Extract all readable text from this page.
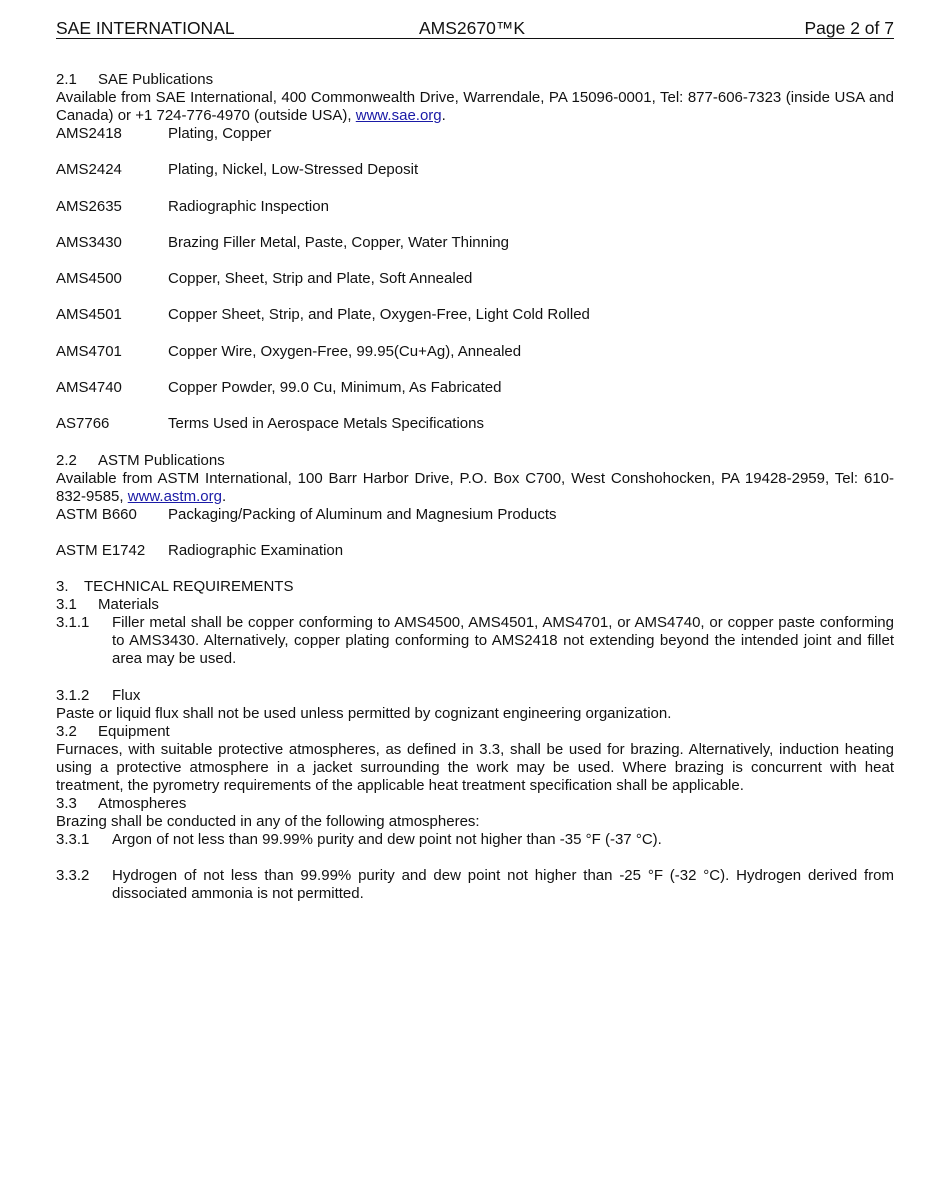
SAE INTERNATIONAL	AMS2670™K	Page 2 of 7

2.1 SAE Publications

Available from SAE International, 400 Commonwealth Drive, Warrendale, PA 15096-0001, Tel: 877-606-7323 (inside USA and Canada) or +1 724-776-4970 (outside USA), www.sae.org.

AMS2418	Plating, Copper
AMS2424	Plating, Nickel, Low-Stressed Deposit
AMS2635	Radiographic Inspection
AMS3430	Brazing Filler Metal, Paste, Copper, Water Thinning
AMS4500	Copper, Sheet, Strip and Plate, Soft Annealed
AMS4501	Copper Sheet, Strip, and Plate, Oxygen-Free, Light Cold Rolled
AMS4701	Copper Wire, Oxygen-Free, 99.95(Cu+Ag), Annealed
AMS4740	Copper Powder, 99.0 Cu, Minimum, As Fabricated
AS7766	Terms Used in Aerospace Metals Specifications

2.2 ASTM Publications

Available from ASTM International, 100 Barr Harbor Drive, P.O. Box C700, West Conshohocken, PA 19428-2959, Tel: 610-832-9585, www.astm.org.

ASTM B660	Packaging/Packing of Aluminum and Magnesium Products
ASTM E1742	Radiographic Examination

3. TECHNICAL REQUIREMENTS

3.1 Materials

3.1.1	Filler metal shall be copper conforming to AMS4500, AMS4501, AMS4701, or AMS4740, or copper paste conforming to AMS3430. Alternatively, copper plating conforming to AMS2418 not extending beyond the intended joint and fillet area may be used.

3.1.2 Flux

Paste or liquid flux shall not be used unless permitted by cognizant engineering organization.

3.2 Equipment

Furnaces, with suitable protective atmospheres, as defined in 3.3, shall be used for brazing. Alternatively, induction heating using a protective atmosphere in a jacket surrounding the work may be used. Where brazing is concurrent with heat treatment, the pyrometry requirements of the applicable heat treatment specification shall be applicable.

3.3 Atmospheres

Brazing shall be conducted in any of the following atmospheres:

3.3.1	Argon of not less than 99.99% purity and dew point not higher than -35 °F (-37 °C).
3.3.2	Hydrogen of not less than 99.99% purity and dew point not higher than -25 °F (-32 °C). Hydrogen derived from dissociated ammonia is not permitted.
